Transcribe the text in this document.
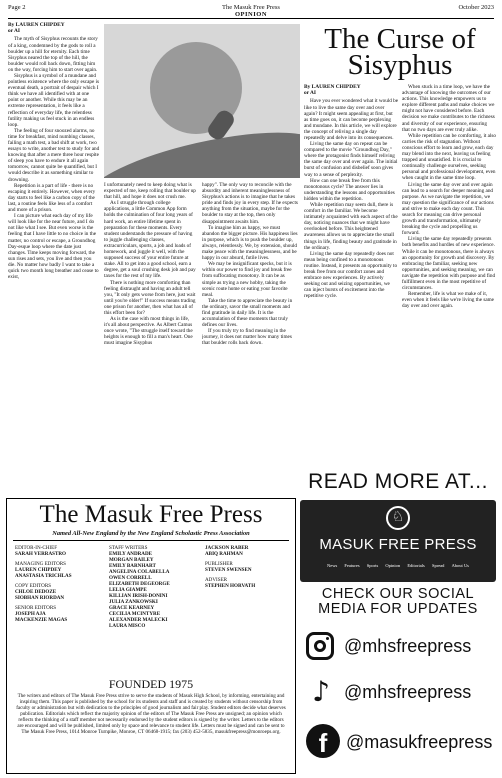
Page 2	The Masuk Free Press
OPINION
October 2023
By LAUREN CHIPDEY
or AI

The myth of Sisyphus recounts the story of a king, condemned by the gods to roll a boulder up a hill for eternity. Each time Sisyphus neared the top of the hill, the boulder would roll back down, fitting him on the way, forcing him to start over again.

Sisyphus is a symbol of a mundane and pointless existence where the only escape is eventual death, a portrait of despair which I think we have all identified with at one point or another. While this may be an extreme representation, it feels like a reflection of everyday life, the relentless futility making us feel stuck in an endless loop.

The feeling of four snoozed alarms, no time for breakfast, mind numbing classes, failing a math test, a bad shift at work, two essays to write, another test to study for and knowing that after a mere three hour respite of sleep you have to endure it all again tomorrow, cannot quite be quantified, but I would describe it as something similar to drowning.

Repetition is a part of life - there is no escaping it entirely. However, when every day starts to feel like a carbon copy of the last, a routine feels like less of a comfort and more of a prison.

I can picture what each day of my life will look like for the near future, and I do not like what I see. But even worse is the feeling that I have little to no choice in the matter, no control or escape, a Groundhog Day-esque loop where the date just changes. Time keeps moving forward, the sun rises and sets, you live and then you die. No matter how badly I want to take a quick two month long breather and cease to exist,

I unfortunately need to keep doing what is expected of me, keep rolling that boulder up that hill, and hope it does not crush me.

As I struggle through college applications, a little Common App form holds the culmination of four long years of hard work, an entire lifetime spent in preparation for these moments. Every student understands the pressure of having to juggle challenging classes, extracurriculars, sports, a job and loads of homework, and juggle it well, with the supposed success of your entire future at stake. All to get into a good school, earn a degree, get a soul crushing desk job and pay taxes for the rest of my life.

There is nothing more comforting than feeling distraught and having an adult tell you, "It only gets worse from here, just wait until you're older!" If success means trading one prison for another, then what has all of this effort been for?

As is the case with most things in life, it's all about perspective. As Albert Camus once wrote, "The struggle itself toward the heights is enough to fill a man's heart. One must imagine Sisyphus

happy". The only way to reconcile with the absurdity and inherent meaninglessness of Sisyphus's actions is to imagine that he takes pride and finds joy in every step. If he expects anything from the situation, maybe for the boulder to stay at the top, then only disappointment awaits him.

To imagine him as happy, we must abandon the bigger picture. His happiness lies in purpose, which is to push the boulder up, always, relentlessly. We, by extension, should make peace with the meaninglessness, and be happy in our absurd, futile lives.

We may be insignificant specks, but it is within our power to find joy and break free from suffocating monotony. It can be as simple as trying a new hobby, taking the scenic route home or eating your favorite meal.

Take the time to appreciate the beauty in the ordinary, savor the small moments and find gratitude in daily life. It is the accumulation of these moments that truly defines our lives.

If you truly try to find meaning in the journey, it does not matter how many times that boulder rolls back down.

The Curse of
Sisyphus
By LAUREN CHIPDEY
or AI

Have you ever wondered what it would be like to live the same day over and over again? It might seem appealing at first, but as time goes on, it can become perplexing and mundane. In this article, we will explore the concept of reliving a single day repeatedly and delve into its consequences.

Living the same day on repeat can be compared to the movie "Groundhog Day," where the protagonist finds himself reliving the same day over and over again. The initial burst of confusion and disbelief soon gives way to a sense of perplexity.

How can one break free from this monotonous cycle? The answer lies in understanding the lessons and opportunities hidden within the repetition.

While repetition may seem dull, there is comfort in the familiar. We become intimately acquainted with each aspect of the day, noticing nuances that we might have overlooked before. This heightened awareness allows us to appreciate the small things in life, finding beauty and gratitude in the ordinary.

Living the same day repeatedly does not mean being confined to a monotonous routine. Instead, it presents an opportunity to break free from our comfort zones and embrace new experiences. By actively seeking out and seizing opportunities, we can inject bursts of excitement into the repetitive cycle.

When stuck in a time loop, we have the advantage of knowing the outcomes of our actions. This knowledge empowers us to explore different paths and make choices we might not have considered before. Each decision we make contributes to the richness and diversity of our experience, ensuring that no two days are ever truly alike.

While repetition can be comforting, it also carries the risk of stagnation. Without conscious effort to learn and grow, each day may blend into the next, leaving us feeling trapped and unsatisfied. It is crucial to continually challenge ourselves, seeking personal and professional development, even when caught in the same time loop.

Living the same day over and over again can lead to a search for deeper meaning and purpose. As we navigate the repetition, we may question the significance of our actions and strive to make each day count. This search for meaning can drive personal growth and transformation, ultimately breaking the cycle and propelling us forward.

Living the same day repeatedly presents both benefits and hurdles of new experience. While it can be monotonous, there is always an opportunity for growth and discovery. By embracing the familiar, seeking new opportunities, and seeking meaning, we can navigate the repetition with purpose and find fulfillment even in the most repetitive of circumstances.

Remember, life is what we make of it, even when it feels like we're living the same day over and over again.

The Masuk Free Press
Named All-New England by the New England Scholastic Press Association
EDITOR-IN-CHIEF
SARAH VERRASTRO
MANAGING EDITORS
LAUREN CHIPDEY
ANASTASIA TRICHLAS
COPY EDITORS
CHLOE DEDOZE
SIOBHAN RIORDAN
SENIOR EDITORS
JOSEPH AJA
MACKENZIE MAGAS
STAFF WRITERS
EMILY ANDRADE
MORGAN BAILEY
EMILY BARNHART
ANGELINA COLABELLA
OWEN CORRELL
ELIZABETH DEGEORGE
LELIA GIAMPE
KILLIAN IRISH-DONINI
JULIA ZANKOWSKI
GRACE KEARNEY
CECILIA MCINTYRE
ALEXANDER MALECKI
LAURA MISCO
JACKSON RABER
ABIQ RAHMAN
PUBLISHER
STEVEN SWENSEN
ADVISER
STEPHEN HORVATH
FOUNDED 1975
The writers and editors of The Masuk Free Press strive to serve the students of Masuk High School, by informing, entertaining and inspiring them. This paper is published by the school for its students and staff and is created by students without censorship from faculty or administration but with dedication to the principles of good journalism and fair play. Student editors decide what deserves publication. Editorials which reflect the majority opinion of the editors of The Masuk Free Press are unsigned; an opinion which reflects the thinking of a staff member not necessarily endorsed by the student editors is signed by the writer. Letters to the editors are encouraged and will be published, limited only by space and relevance to student life. Letters must be signed and can be sent to The Masuk Free Press, 1014 Monroe Turnpike, Monroe, CT 06468-1915; fax (203) 452-5835, masukfreepress@monroeps.org.
READ MORE AT...
♘
MASUK FREE PRESS
News Features Sports Opinion Editorials Spread About Us
CHECK OUR SOCIAL
MEDIA FOR UPDATES
@mhsfreepress
♪ @mhsfreepress
f	@masukfreepress
